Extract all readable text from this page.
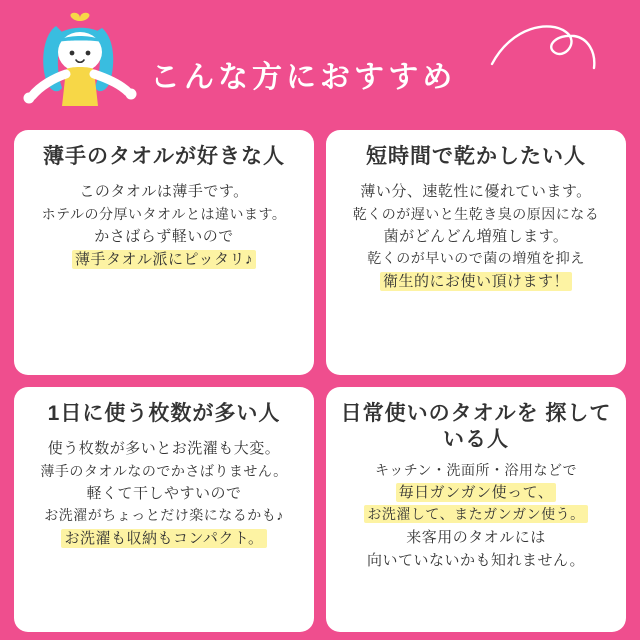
こんな方におすすめ
薄手のタオルが好きな人
このタオルは薄手です。
ホテルの分厚いタオルとは違います。
かさばらず軽いので
薄手タオル派にピッタリ♪
短時間で乾かしたい人
薄い分、速乾性に優れています。
乾くのが遅いと生乾き臭の原因になる
菌がどんどん増殖します。
乾くのが早いので菌の増殖を抑え
衛生的にお使い頂けます！
1日に使う枚数が多い人
使う枚数が多いとお洗濯も大変。
薄手のタオルなのでかさばりません。
軽くて干しやすいので
お洗濯がちょっとだけ楽になるかも♪
お洗濯も収納もコンパクト。
日常使いのタオルを 探している人
キッチン・洗面所・浴用などで
毎日ガンガン使って、
お洗濯して、またガンガン使う。
来客用のタオルには
向いていないかも知れません。
